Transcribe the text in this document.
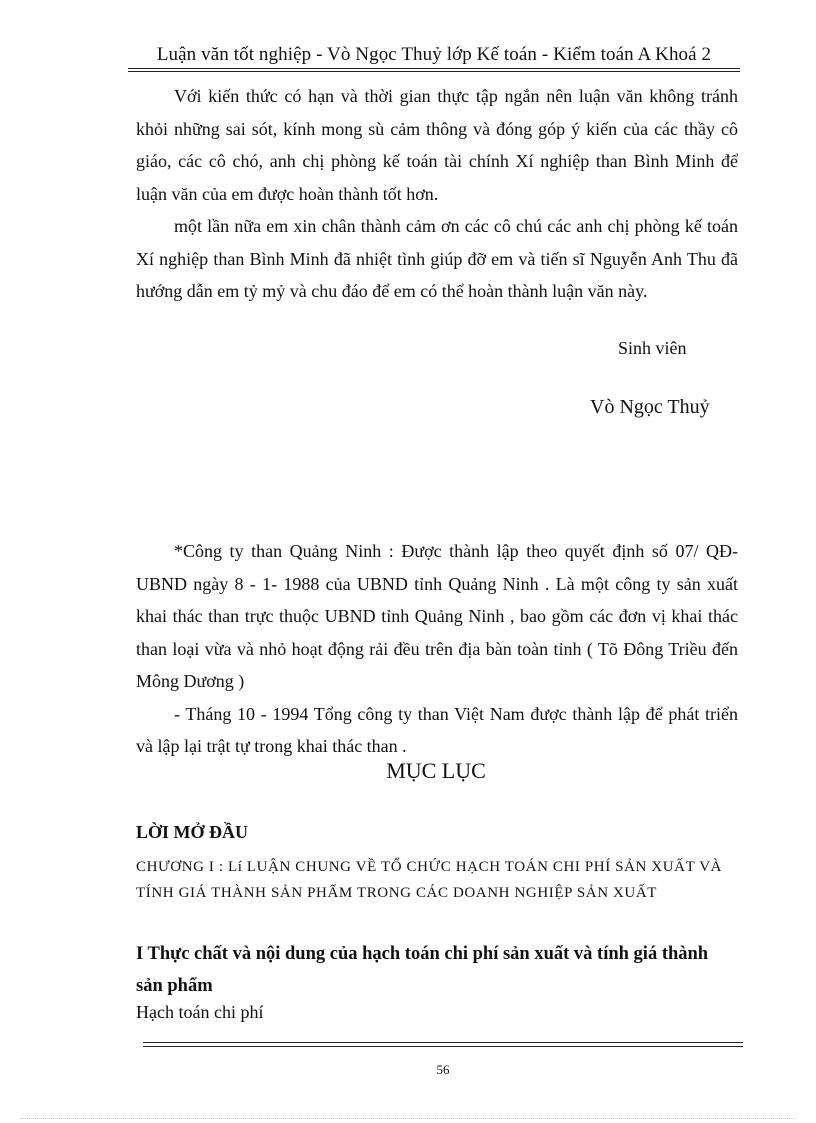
Luận văn tốt nghiệp - Vò Ngọc Thuỷ lớp Kế toán - Kiểm toán A Khoá 2
Với kiến thức có hạn và thời gian thực tập ngắn nên luận văn không tránh khỏi những sai sót, kính mong sù cảm thông và đóng góp ý kiến của các thầy cô giáo, các cô chó, anh chị phòng kế toán tài chính Xí nghiệp than Bình Minh để luận văn của em được hoàn thành tốt hơn.
một lần nữa em xin chân thành cảm ơn các cô chú các anh chị phòng kế toán Xí nghiệp than Bình Minh đã nhiệt tình giúp đỡ em và tiến sĩ Nguyễn Anh Thu đã hướng dẫn em tỷ mỷ và chu đáo để em có thể hoàn thành luận văn này.
Sinh viên
Vò Ngọc Thuỷ
*Công ty than Quảng Ninh : Được thành lập theo quyết định số 07/ QĐ-UBND ngày 8 - 1- 1988 của UBND tỉnh Quảng Ninh . Là một công ty sản xuất khai thác than trực thuộc UBND tỉnh Quảng Ninh , bao gồm các đơn vị khai thác than loại vừa và nhỏ hoạt động rải đều trên địa bàn toàn tỉnh ( Tõ Đông Triều đến Mông Dương )
- Tháng 10 - 1994 Tổng công ty than Việt Nam được thành lập để phát triển và lập lại trật tự trong khai thác than .
MỤC LỤC
LỜI MỞ ĐẦU
CHƯƠNG I : Lí LUẬN CHUNG VỀ TỔ CHỨC HẠCH TOÁN CHI PHÍ SẢN XUẤT VÀ TÍNH GIÁ THÀNH SẢN PHẨM TRONG CÁC DOANH NGHIỆP SẢN XUẤT
I Thực chất và nội dung của hạch toán chi phí sản xuất và tính giá thành sản phẩm
Hạch toán chi phí
56
